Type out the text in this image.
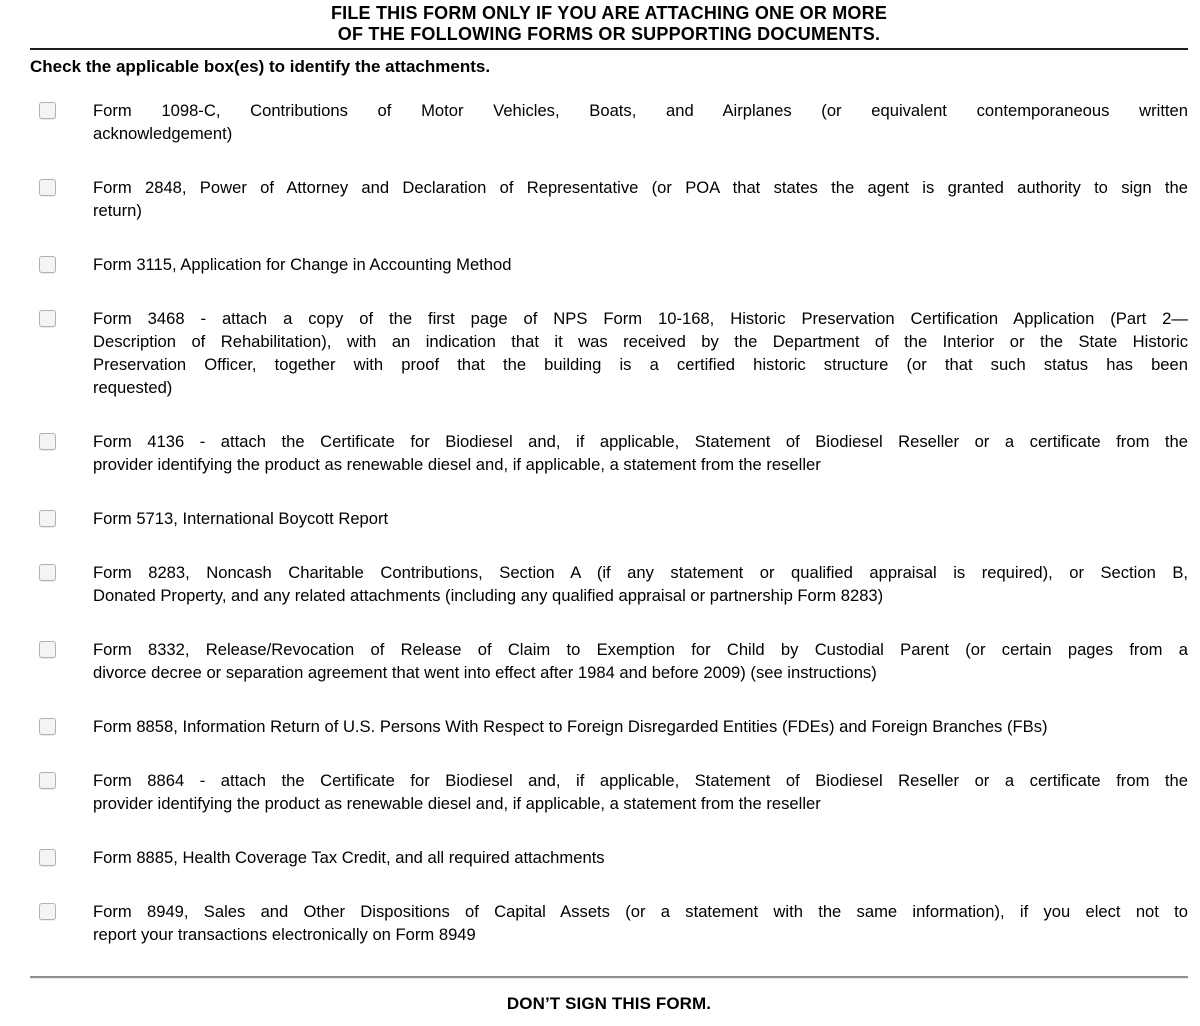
FILE THIS FORM ONLY IF YOU ARE ATTACHING ONE OR MORE
OF THE FOLLOWING FORMS OR SUPPORTING DOCUMENTS.
Check the applicable box(es) to identify the attachments.
Form 1098-C, Contributions of Motor Vehicles, Boats, and Airplanes (or equivalent contemporaneous written
acknowledgement)
Form 2848, Power of Attorney and Declaration of Representative (or POA that states the agent is granted authority to sign the
return)
Form 3115, Application for Change in Accounting Method
Form 3468 - attach a copy of the first page of NPS Form 10-168, Historic Preservation Certification Application (Part 2—
Description of Rehabilitation), with an indication that it was received by the Department of the Interior or the State Historic
Preservation Officer, together with proof that the building is a certified historic structure (or that such status has been
requested)
Form 4136 - attach the Certificate for Biodiesel and, if applicable, Statement of Biodiesel Reseller or a certificate from the
provider identifying the product as renewable diesel and, if applicable, a statement from the reseller
Form 5713, International Boycott Report
Form 8283, Noncash Charitable Contributions, Section A (if any statement or qualified appraisal is required), or Section B,
Donated Property, and any related attachments (including any qualified appraisal or partnership Form 8283)
Form 8332, Release/Revocation of Release of Claim to Exemption for Child by Custodial Parent (or certain pages from a
divorce decree or separation agreement that went into effect after 1984 and before 2009) (see instructions)
Form 8858, Information Return of U.S. Persons With Respect to Foreign Disregarded Entities (FDEs) and Foreign Branches (FBs)
Form 8864 - attach the Certificate for Biodiesel and, if applicable, Statement of Biodiesel Reseller or a certificate from the
provider identifying the product as renewable diesel and, if applicable, a statement from the reseller
Form 8885, Health Coverage Tax Credit, and all required attachments
Form 8949, Sales and Other Dispositions of Capital Assets (or a statement with the same information), if you elect not to
report your transactions electronically on Form 8949
DON’T SIGN THIS FORM.
